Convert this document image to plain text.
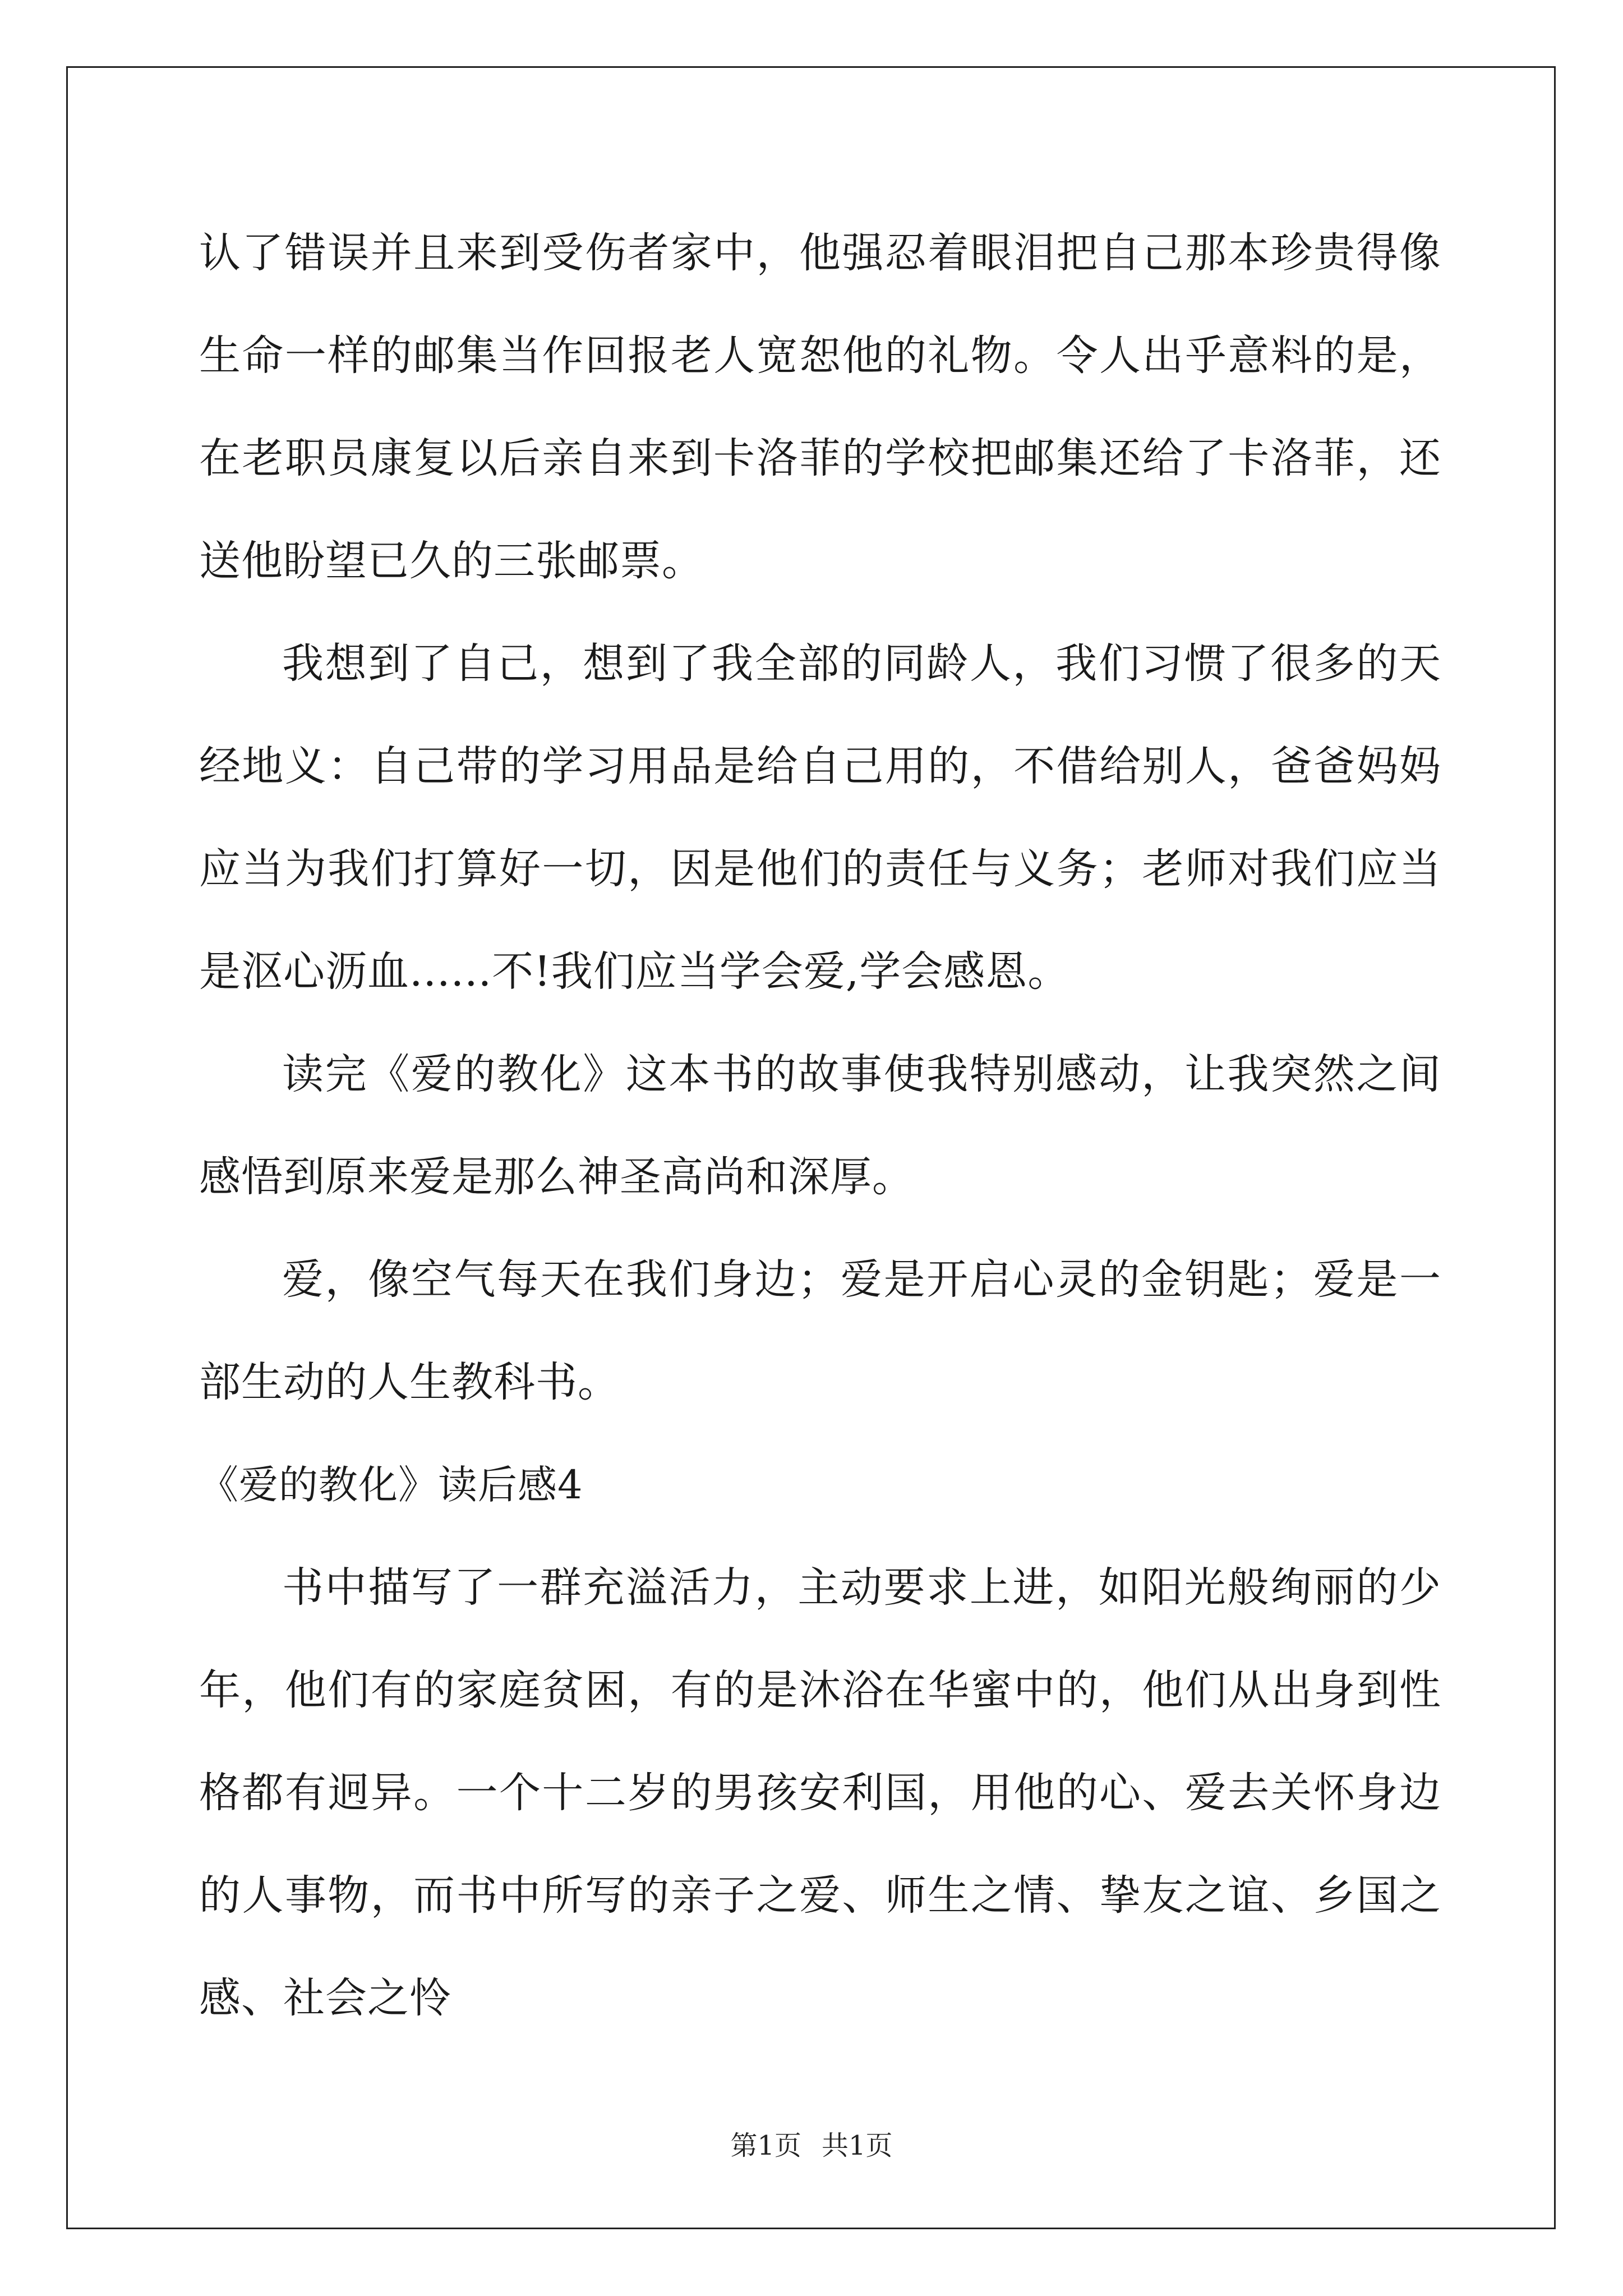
认了错误并且来到受伤者家中，他强忍着眼泪把自己那本珍贵得像生命一样的邮集当作回报老人宽恕他的礼物。令人出乎意料的是，在老职员康复以后亲自来到卡洛菲的学校把邮集还给了卡洛菲，还送他盼望已久的三张邮票。

我想到了自己，想到了我全部的同龄人，我们习惯了很多的天经地义：自己带的学习用品是给自己用的，不借给别人，爸爸妈妈应当为我们打算好一切，因是他们的责任与义务；老师对我们应当是沤心沥血......不!我们应当学会爱,学会感恩。

读完《爱的教化》这本书的故事使我特别感动，让我突然之间感悟到原来爱是那么神圣高尚和深厚。

爱，像空气每天在我们身边；爱是开启心灵的金钥匙；爱是一部生动的人生教科书。

《爱的教化》读后感4

书中描写了一群充溢活力，主动要求上进，如阳光般绚丽的少年，他们有的家庭贫困，有的是沐浴在华蜜中的，他们从出身到性格都有迥异。一个十二岁的男孩安利国，用他的心、爱去关怀身边的人事物，而书中所写的亲子之爱、师生之情、挚友之谊、乡国之感、社会之怜

第1页 共1页
